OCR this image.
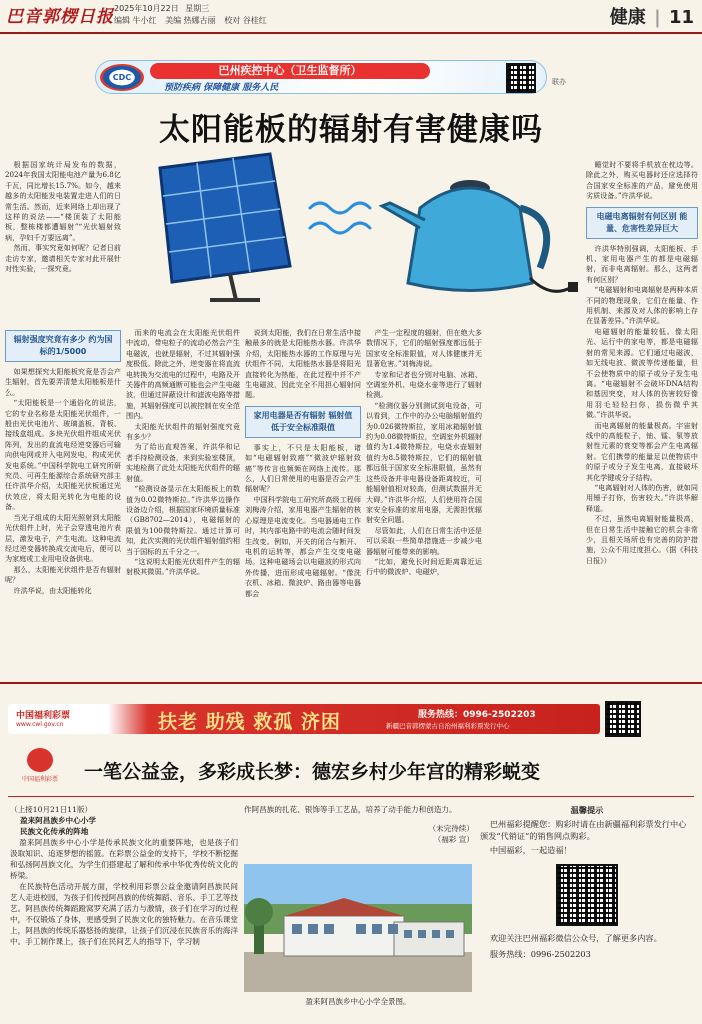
巴音郭楞日报 2025年10月22日 星期三
编辑 牛小红 美编 热娜古丽 校对 谷桂红	健康 | 11
CDC
巴州疾控中心（卫生监督所）
预防疾病 保障健康 服务人民
联办
太阳能板的辐射有害健康吗

根据国家统计局发布的数据，2024年我国太阳能电池产量为6.8亿千瓦，同比增长15.7%。如今，越来越多的太阳能发电装置走进人们的日常生活。然而，近来网络上却出现了这样的说法——“楼顶装了太阳能板，整栋楼都遭辐射”“光伏辐射致病，孕妇千万要远离”。

然而，事实究竟如何呢？记者日前走访专家，邀请相关专家对此开展针对性实验，一探究竟。

辐射强度究竟有多少 约为国标的1/5000

如果想探究太阳能板究竟是否会产生辐射，首先要弄清楚太阳能板是什么。

“太阳能板是一个通俗化的说法，它的专业名称是太阳能光伏组件，一般由光伏电池片、玻璃盖板、背板、接线盒组成。多块光伏组件组成光伏阵列，发出的直流电经逆变器后可输向供电网或并入电网发电，构成光伏发电系统。”中国科学院电工研究所研究员、可再生能源综合系统研究部主任许洪华介绍，太阳能光伏板通过光伏效应，将太阳光转化为电能的设备。

当光子组成的太阳光照射到太阳能光伏组件上时，光子会穿透电池片表层，激发电子，产生电流。这种电流经过逆变器转换成交流电后，便可以为家庭或工业用电设备供电。

那么，太阳能光伏组件是否有辐射呢？

许洪华说，由太阳能转化

而来的电流会在太阳能光伏组件中流动，带电粒子的流动必然会产生电磁波，也就是辐射，不过其辐射强度极低。除此之外，逆变器在将直流电转换为交流电的过程中，电路及开关器件的高频通断可能也会产生电磁波，但通过屏蔽设计和滤波电路等措施，其辐射强度可以被控制在安全范围内。

太阳能光伏组件的辐射强度究竟有多少？

为了给出直观答案，许洪华和记者手持检测设备，来到实验室楼顶，实地检测了此处太阳能光伏组件的辐射值。

“检测设备显示在太阳能板上的数值为0.02微特斯拉。”许洪华边操作设备边介绍，根据国家环境质量标准（GB8702—2014），电磁辐射的限值为100微特斯拉。通过计算可知，此次实测的光伏组件辐射值约相当于国标的五千分之一。

“这说明太阳能光伏组件产生的辐射极其微弱。”许洪华说。

说到太阳能，我们在日常生活中接触最多的就是太阳能热水器。许洪华介绍，太阳能热水器的工作原理与光伏组件不同，太阳能热水器是将阳光直接转化为热能，在此过程中并不产生电磁波，因此完全不用担心辐射问题。

家用电器是否有辐射 辐射值低于安全标准限值

事实上，不只是太阳能板，诸如“电磁辐射致癌”“微波炉辐射致癌”等传言也频频在网络上流传。那么，人们日常使用的电器是否会产生辐射呢？

中国科学院电工研究所高级工程师刘梅涛介绍，家用电器产生辐射的核心原理是电流变化。当电器通电工作时，其内部电路中的电流会随时间发生改变。例如，开关的闭合与断开、电机的运转等，都会产生交变电磁场。这种电磁场会以电磁波的形式向外传播，进而形成电磁辐射。“像洗衣机、冰箱、微波炉、路由器等电器都会

产生一定程度的辐射，但在绝大多数情况下，它们的辐射强度都远低于国家安全标准限值，对人体健康并无显著危害。”刘梅涛说。

专家和记者也分别对电脑、冰箱、空调室外机、电烧水壶等进行了辐射检测。

“检测仪器分别测试到电设备，可以看到，工作中的办公电脑辐射值约为0.026微特斯拉，家用冰箱辐射值约为0.08微特斯拉，空调室外机辐射值约为1.4微特斯拉，电烧水壶辐射值约为8.5微特斯拉，它们的辐射值都远低于国家安全标准限值，虽然有这些设备并非电器设备距离较近，可能辐射值相对较高，但测试数据并无大碍。”许洪华介绍，人们使用符合国家安全标准的家用电器，无需担忧辐射安全问题。

尽管如此，人们在日常生活中还是可以采取一些简单措施进一步减少电器辐射可能带来的影响。

“比如，避免长时间近距离靠近运行中的微波炉、电磁炉，

睡觉时不要将手机放在枕边等。除此之外，购买电器时还应选择符合国家安全标准的产品，避免使用劣质设备。”许洪华说。

电磁电离辐射有何区别 能量、危害性差异巨大

许洪华特别强调，太阳能板、手机、家用电器产生的都是电磁辐射，而非电离辐射。那么，这两者有何区别？

“电磁辐射和电离辐射是两种本质不同的物理现象，它们在能量、作用机制、来源及对人体的影响上存在显著差异。”许洪华说。

电磁辐射的能量较低。像太阳光、运行中的家电等，都是电磁辐射的常见来源。它们通过电磁波，如无线电波、微波等传递能量，但不会使物质中的原子或分子发生电离。“电磁辐射不会破坏DNA结构和基因突变，对人体的伤害较好像用羽毛轻轻扫你，损伤微乎其微。”许洪华说。

而电离辐射的能量极高。宇宙射线中的高能粒子，铀、镭、氡等放射性元素的衰变等都会产生电离辐射。它们携带的能量足以使物质中的原子或分子发生电离，直接破坏其化学键或分子结构。

“电离辐射对人体的伤害，就如同用锤子打你，伤害较大。”许洪华解释道。

不过，虽然电离辐射能量极高，但在日常生活中接触它的机会非常少，且相关场所也有完善的防护措施，公众不用过度担心。（据《科技日报》）

中国福利彩票
www.cwl.gov.cn	扶老 助残 救孤 济困	服务热线：0996-2502203
新疆巴音郭楞蒙古自治州福利彩票发行中心
中国福利彩票	一笔公益金，多彩成长梦：德宏乡村少年宫的精彩蜕变
（上接10月21日11版）
盈来阿昌族乡中心小学
民族文化传承的阵地

盈来阿昌族乡中心小学是传承民族文化的重要阵地，也是孩子们汲取知识、追逐梦想的摇篮。在彩票公益金的支持下，学校不断挖掘和弘扬阿昌族文化，为学生们搭建起了解和传承中华优秀传统文化的桥梁。

在民族特色活动开展方面，学校利用彩票公益金邀请阿昌族民间艺人走进校园，为孩子们传授阿昌族的传统舞蹈、音乐、手工艺等技艺。阿昌族传统舞蹈蹬窝罗充满了活力与激情，孩子们在学习的过程中，不仅锻炼了身体，更感受到了民族文化的独特魅力。在音乐课堂上，阿昌族的传统乐器悠扬的旋律，让孩子们沉浸在民族音乐的海洋中。手工制作课上，孩子们在民间艺人的指导下，学习制

作阿昌族的扎花、银饰等手工艺品，培养了动手能力和创造力。

（未完待续）
（福彩 宣）
盈来阿昌族乡中心小学全景图。
温馨提示

巴州福彩提醒您：购彩时请在由新疆福利彩票发行中心颁发“代销证”的销售网点购彩。

中国福彩，一起造福！

欢迎关注巴州福彩微信公众号，了解更多内容。

服务热线：0996-2502203
